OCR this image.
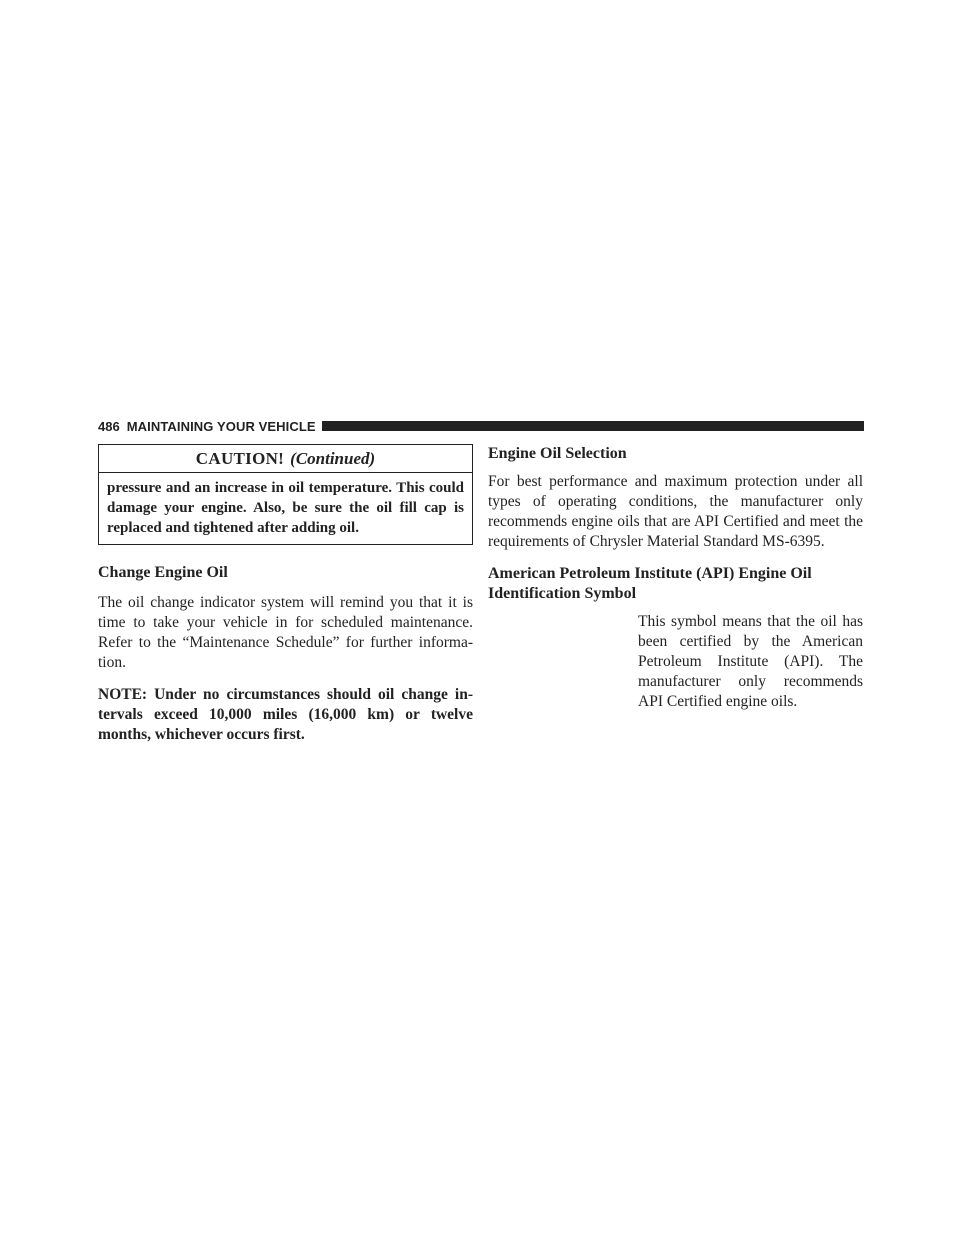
486 MAINTAINING YOUR VEHICLE
CAUTION! (Continued)
pressure and an increase in oil temperature. This could damage your engine. Also, be sure the oil fill cap is replaced and tightened after adding oil.
Change Engine Oil

The oil change indicator system will remind you that it is time to take your vehicle in for scheduled maintenance. Refer to the “Maintenance Schedule” for further informa-tion.

NOTE: Under no circumstances should oil change in-tervals exceed 10,000 miles (16,000 km) or twelve months, whichever occurs first.

Engine Oil Selection

For best performance and maximum protection under all types of operating conditions, the manufacturer only recommends engine oils that are API Certified and meet the requirements of Chrysler Material Standard MS-6395.

American Petroleum Institute (API) Engine Oil Identification Symbol

This symbol means that the oil has been certified by the American Petroleum Institute (API). The manufacturer only recommends API Certified engine oils.
